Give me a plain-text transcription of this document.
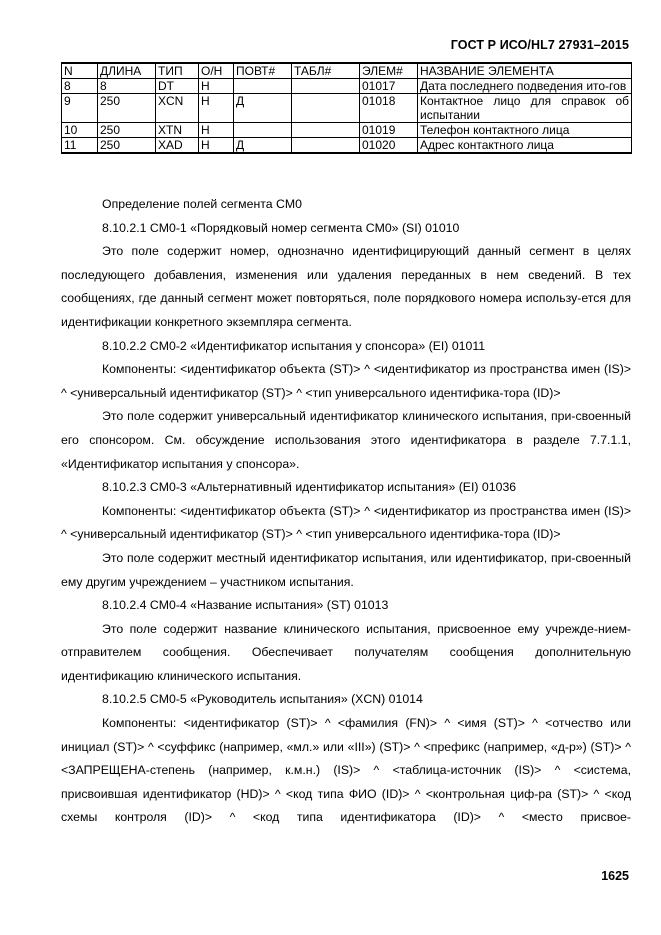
ГОСТ Р ИСО/HL7 27931–2015
N	ДЛИНА	ТИП	О/Н	ПОВТ#	ТАБЛ#	ЭЛЕМ#	НАЗВАНИЕ ЭЛЕМЕНТА
8	8	DT	Н			01017	Дата последнего подведения ито-гов
9	250	XCN	Н	Д		01018	Контактное лицо для справок об испытании
10	250	XTN	Н			01019	Телефон контактного лица
11	250	XAD	Н	Д		01020	Адрес контактного лица

Определение полей сегмента CM0

8.10.2.1 CM0-1 «Порядковый номер сегмента CM0» (SI) 01010

Это поле содержит номер, однозначно идентифицирующий данный сегмент в целях последующего добавления, изменения или удаления переданных в нем сведений. В тех сообщениях, где данный сегмент может повторяться, поле порядкового номера использу-ется для идентификации конкретного экземпляра сегмента.

8.10.2.2 CM0-2 «Идентификатор испытания у спонсора» (EI) 01011

Компоненты: <идентификатор объекта (ST)> ^ <идентификатор из пространства имен (IS)> ^ <универсальный идентификатор (ST)> ^ <тип универсального идентифика-тора (ID)>

Это поле содержит универсальный идентификатор клинического испытания, при-своенный его спонсором. См. обсуждение использования этого идентификатора в разделе 7.7.1.1, «Идентификатор испытания у спонсора».

8.10.2.3 CM0-3 «Альтернативный идентификатор испытания» (EI) 01036

Компоненты: <идентификатор объекта (ST)> ^ <идентификатор из пространства имен (IS)> ^ <универсальный идентификатор (ST)> ^ <тип универсального идентифика-тора (ID)>

Это поле содержит местный идентификатор испытания, или идентификатор, при-своенный ему другим учреждением – участником испытания.

8.10.2.4 CM0-4 «Название испытания» (ST) 01013

Это поле содержит название клинического испытания, присвоенное ему учрежде-нием-отправителем сообщения. Обеспечивает получателям сообщения дополнительную идентификацию клинического испытания.

8.10.2.5 CM0-5 «Руководитель испытания» (XCN) 01014

Компоненты: <идентификатор (ST)> ^ <фамилия (FN)> ^ <имя (ST)> ^ <отчество или инициал (ST)> ^ <суффикс (например, «мл.» или «III») (ST)> ^ <префикс (например, «д-р») (ST)> ^ <ЗАПРЕЩЕНА-степень (например, к.м.н.) (IS)> ^ <таблица-источник (IS)> ^ <система, присвоившая идентификатор (HD)> ^ <код типа ФИО (ID)> ^ <контрольная циф-ра (ST)> ^ <код схемы контроля (ID)> ^ <код типа идентификатора (ID)> ^ <место присвое-

1625
